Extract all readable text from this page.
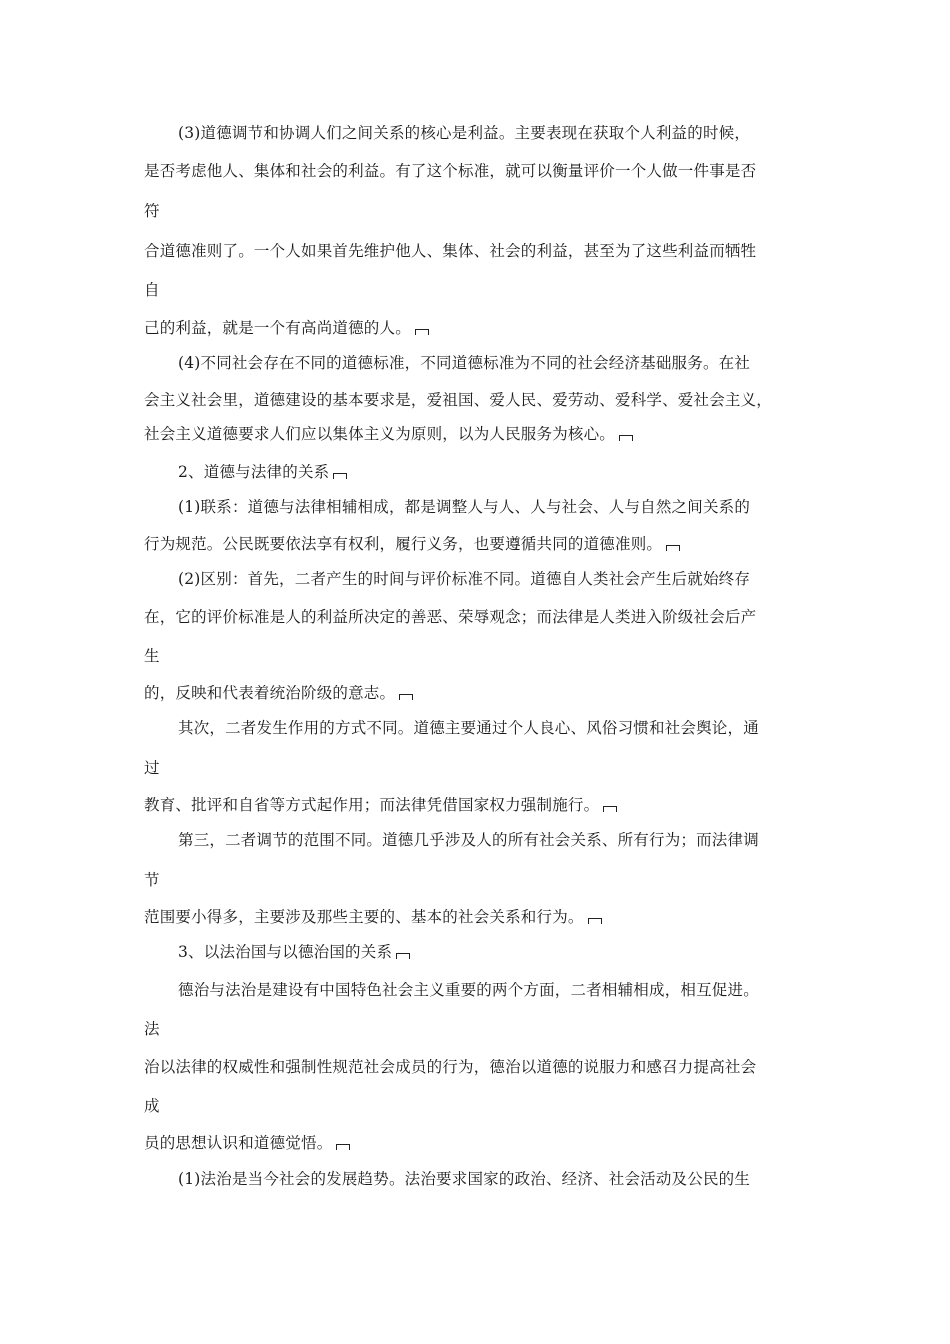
(3)道德调节和协调人们之间关系的核心是利益。主要表现在获取个人利益的时候，
是否考虑他人、集体和社会的利益。有了这个标准，就可以衡量评价一个人做一件事是否
符
合道德准则了。一个人如果首先维护他人、集体、社会的利益，甚至为了这些利益而牺牲
自
己的利益，就是一个有高尚道德的人。
(4)不同社会存在不同的道德标准，不同道德标准为不同的社会经济基础服务。在社
会主义社会里，道德建设的基本要求是，爱祖国、爱人民、爱劳动、爱科学、爱社会主义，
社会主义道德要求人们应以集体主义为原则，以为人民服务为核心。
2、道德与法律的关系
(1)联系：道德与法律相辅相成，都是调整人与人、人与社会、人与自然之间关系的
行为规范。公民既要依法享有权利，履行义务，也要遵循共同的道德准则。
(2)区别：首先，二者产生的时间与评价标准不同。道德自人类社会产生后就始终存
在，它的评价标准是人的利益所决定的善恶、荣辱观念；而法律是人类进入阶级社会后产
生
的，反映和代表着统治阶级的意志。
其次，二者发生作用的方式不同。道德主要通过个人良心、风俗习惯和社会舆论，通
过
教育、批评和自省等方式起作用；而法律凭借国家权力强制施行。
第三，二者调节的范围不同。道德几乎涉及人的所有社会关系、所有行为；而法律调
节
范围要小得多，主要涉及那些主要的、基本的社会关系和行为。
3、以法治国与以德治国的关系
德治与法治是建设有中国特色社会主义重要的两个方面，二者相辅相成，相互促进。
法
治以法律的权威性和强制性规范社会成员的行为，德治以道德的说服力和感召力提高社会
成
员的思想认识和道德觉悟。
(1)法治是当今社会的发展趋势。法治要求国家的政治、经济、社会活动及公民的生
